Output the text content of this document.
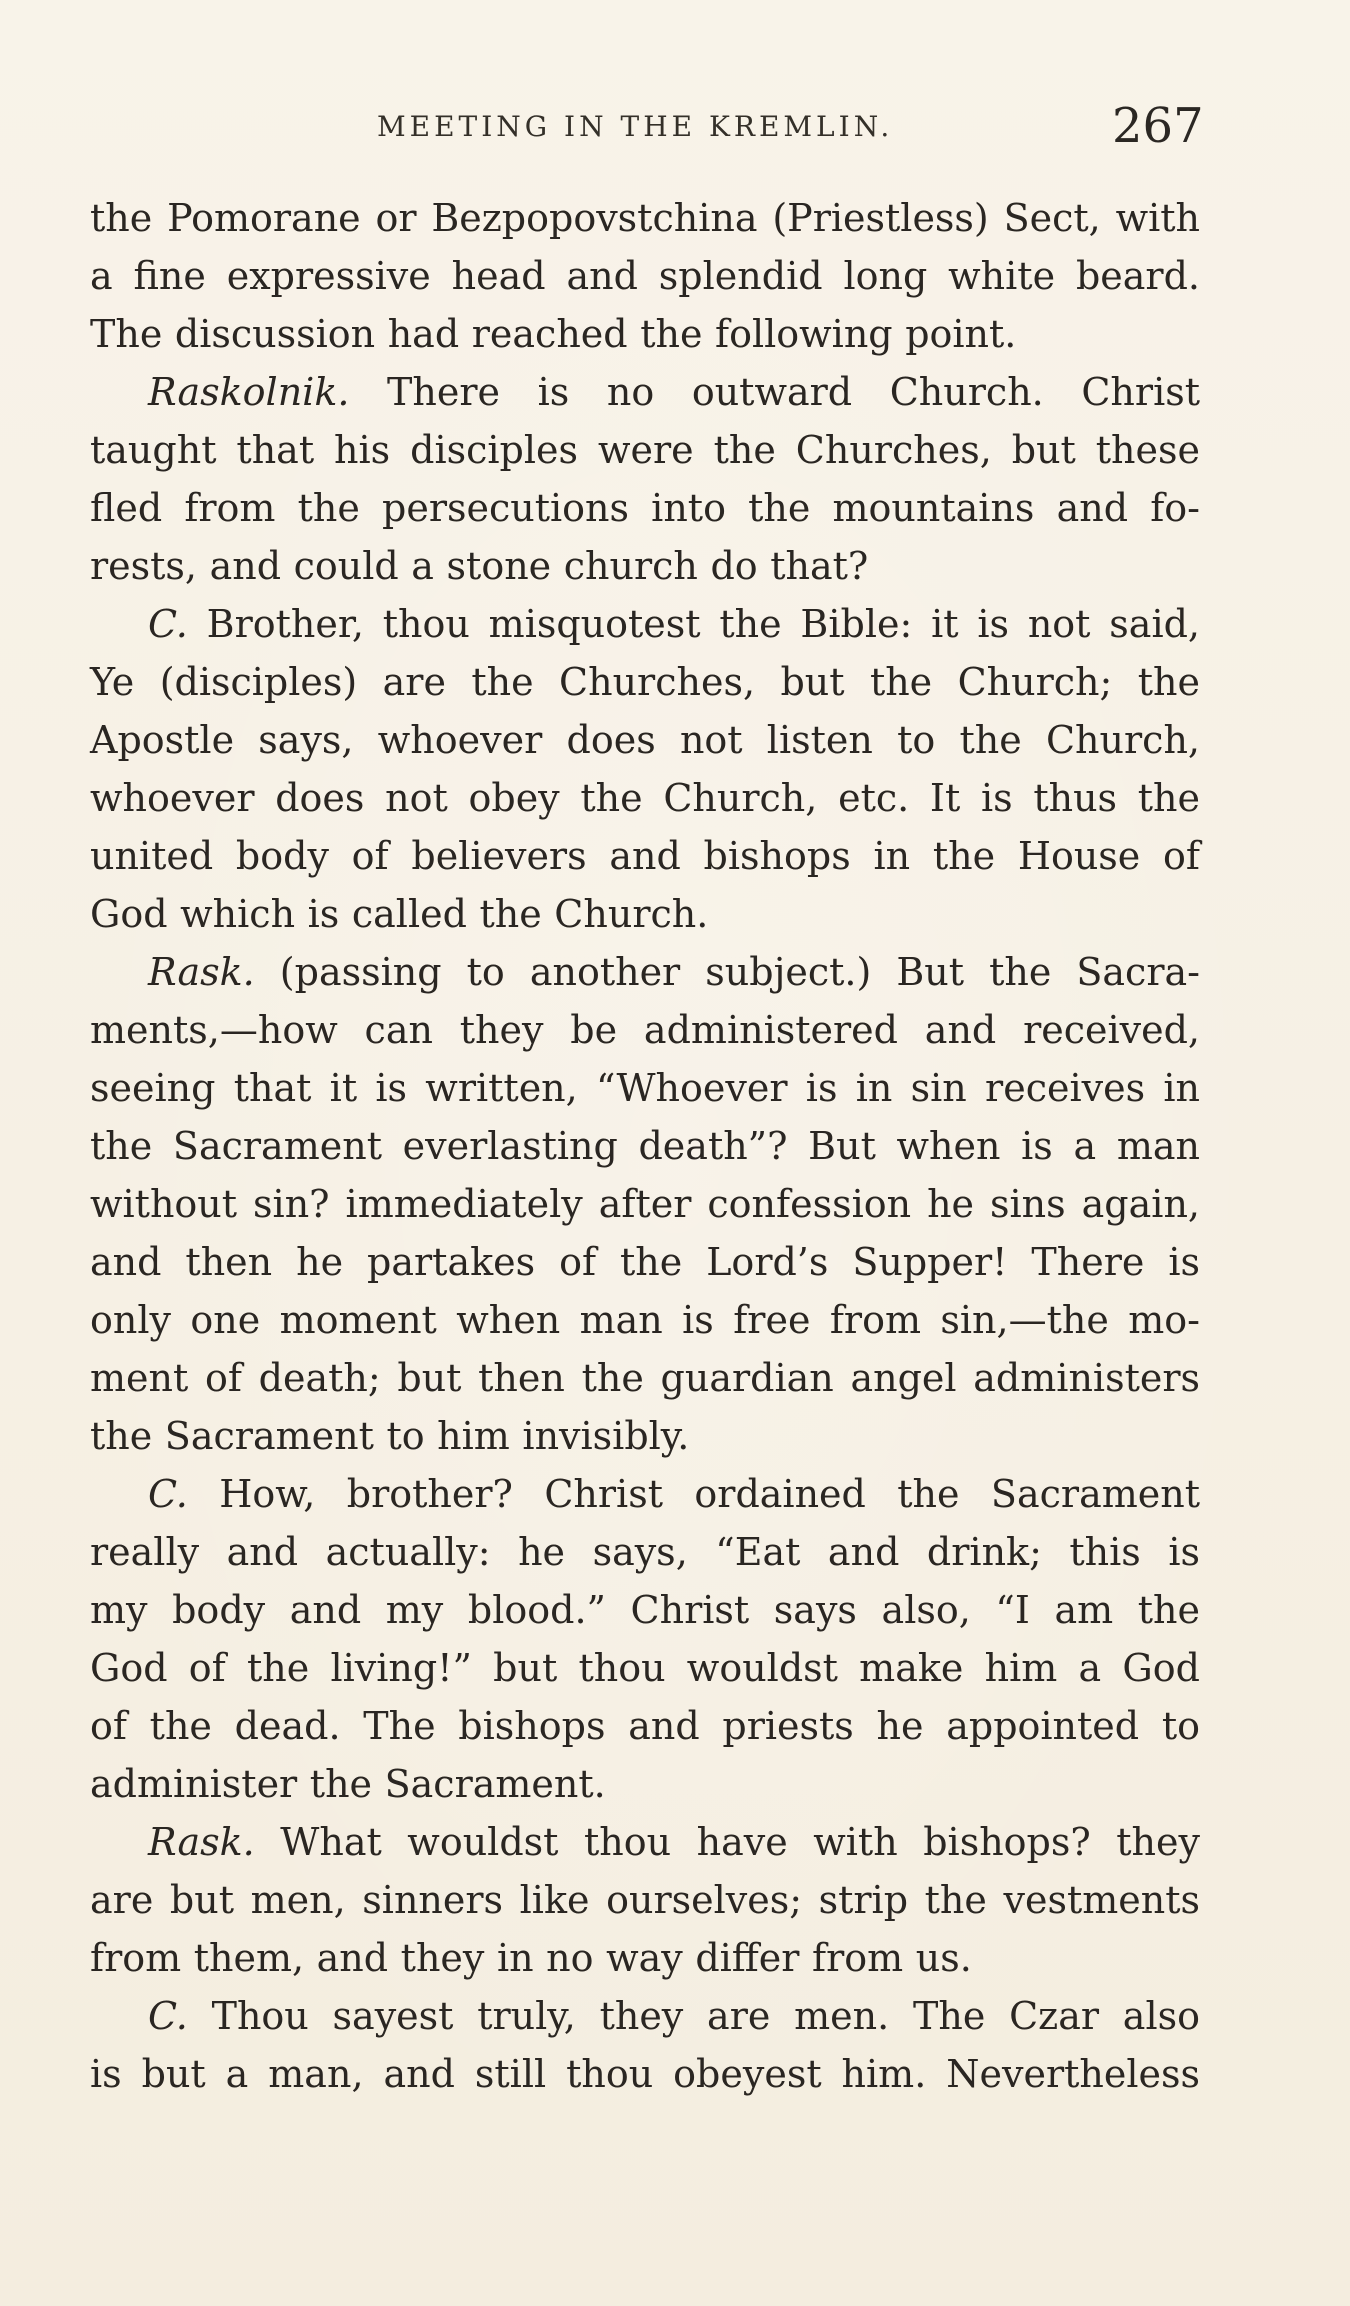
MEETING IN THE KREMLIN.	267
the Pomorane or Bezpopovstchina (Priestless) Sect, with
a fine expressive head and splendid long white beard.
The discussion had reached the following point.
Raskolnik. There is no outward Church. Christ
taught that his disciples were the Churches, but these
fled from the persecutions into the mountains and fo-
rests, and could a stone church do that?
C. Brother, thou misquotest the Bible: it is not said,
Ye (disciples) are the Churches, but the Church; the
Apostle says, whoever does not listen to the Church,
whoever does not obey the Church, etc. It is thus the
united body of believers and bishops in the House of
God which is called the Church.
Rask. (passing to another subject.) But the Sacra-
ments,—how can they be administered and received,
seeing that it is written, “Whoever is in sin receives in
the Sacrament everlasting death”? But when is a man
without sin? immediately after confession he sins again,
and then he partakes of the Lord’s Supper! There is
only one moment when man is free from sin,—the mo-
ment of death; but then the guardian angel administers
the Sacrament to him invisibly.
C. How, brother? Christ ordained the Sacrament
really and actually: he says, “Eat and drink; this is
my body and my blood.” Christ says also, “I am the
God of the living!” but thou wouldst make him a God
of the dead. The bishops and priests he appointed to
administer the Sacrament.
Rask. What wouldst thou have with bishops? they
are but men, sinners like ourselves; strip the vestments
from them, and they in no way differ from us.
C. Thou sayest truly, they are men. The Czar also
is but a man, and still thou obeyest him. Nevertheless
